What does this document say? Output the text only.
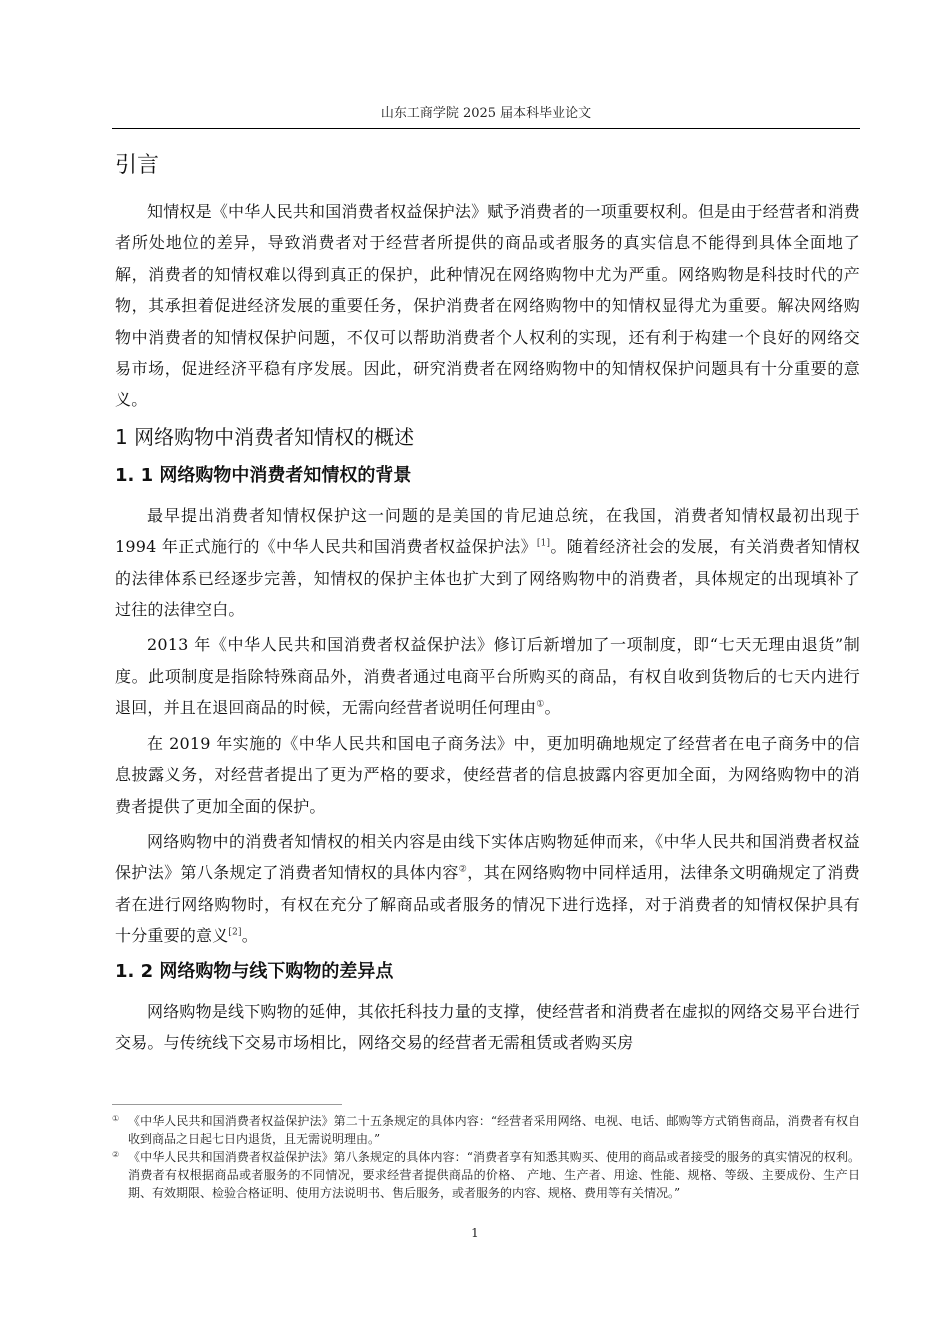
山东工商学院 2025 届本科毕业论文
引言

知情权是《中华人民共和国消费者权益保护法》赋予消费者的一项重要权利。但是由于经营者和消费者所处地位的差异，导致消费者对于经营者所提供的商品或者服务的真实信息不能得到具体全面地了解，消费者的知情权难以得到真正的保护，此种情况在网络购物中尤为严重。网络购物是科技时代的产物，其承担着促进经济发展的重要任务，保护消费者在网络购物中的知情权显得尤为重要。解决网络购物中消费者的知情权保护问题，不仅可以帮助消费者个人权利的实现，还有利于构建一个良好的网络交易市场，促进经济平稳有序发展。因此，研究消费者在网络购物中的知情权保护问题具有十分重要的意义。

1 网络购物中消费者知情权的概述
1. 1 网络购物中消费者知情权的背景

最早提出消费者知情权保护这一问题的是美国的肯尼迪总统，在我国，消费者知情权最初出现于 1994 年正式施行的《中华人民共和国消费者权益保护法》[1]。随着经济社会的发展，有关消费者知情权的法律体系已经逐步完善，知情权的保护主体也扩大到了网络购物中的消费者，具体规定的出现填补了过往的法律空白。

2013 年《中华人民共和国消费者权益保护法》修订后新增加了一项制度，即“七天无理由退货”制度。此项制度是指除特殊商品外，消费者通过电商平台所购买的商品，有权自收到货物后的七天内进行退回，并且在退回商品的时候，无需向经营者说明任何理由①。

在 2019 年实施的《中华人民共和国电子商务法》中，更加明确地规定了经营者在电子商务中的信息披露义务，对经营者提出了更为严格的要求，使经营者的信息披露内容更加全面，为网络购物中的消费者提供了更加全面的保护。

网络购物中的消费者知情权的相关内容是由线下实体店购物延伸而来，《中华人民共和国消费者权益保护法》第八条规定了消费者知情权的具体内容②，其在网络购物中同样适用，法律条文明确规定了消费者在进行网络购物时，有权在充分了解商品或者服务的情况下进行选择，对于消费者的知情权保护具有十分重要的意义[2]。

1. 2 网络购物与线下购物的差异点

网络购物是线下购物的延伸，其依托科技力量的支撑，使经营者和消费者在虚拟的网络交易平台进行交易。与传统线下交易市场相比，网络交易的经营者无需租赁或者购买房

① 《中华人民共和国消费者权益保护法》第二十五条规定的具体内容：“经营者采用网络、电视、电话、邮购等方式销售商品，消费者有权自收到商品之日起七日内退货，且无需说明理由。”
② 《中华人民共和国消费者权益保护法》第八条规定的具体内容：“消费者享有知悉其购买、使用的商品或者接受的服务的真实情况的权利。消费者有权根据商品或者服务的不同情况，要求经营者提供商品的价格、 产地、生产者、用途、性能、规格、等级、主要成份、生产日期、有效期限、检验合格证明、使用方法说明书、售后服务，或者服务的内容、规格、费用等有关情况。”
1
